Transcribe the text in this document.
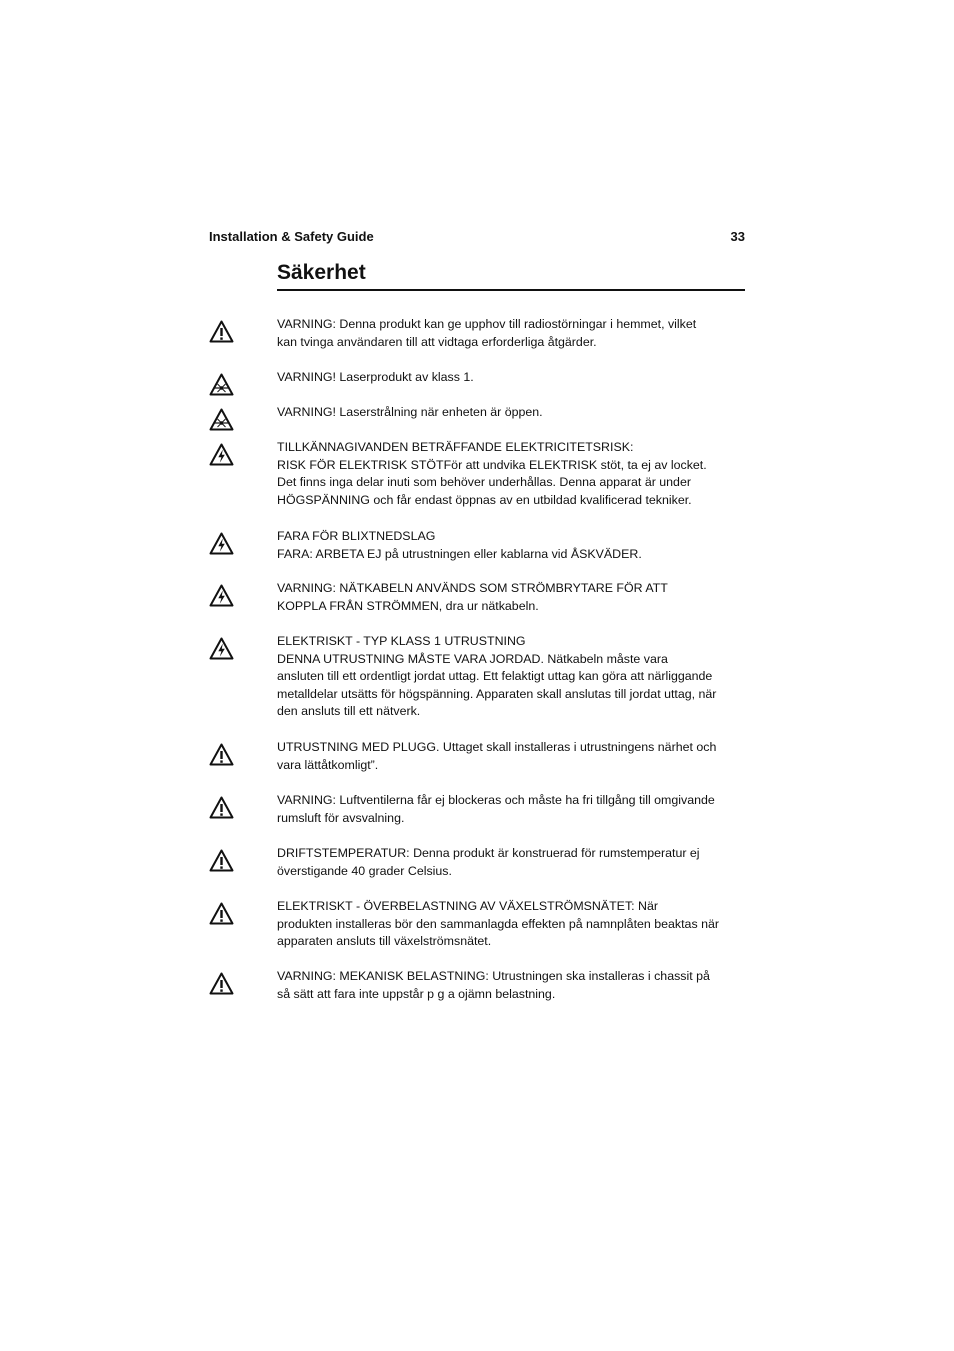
Installation & Safety Guide	33
Säkerhet
VARNING: Denna produkt kan ge upphov till radiostörningar i hemmet, vilket
kan tvinga användaren till att vidtaga erforderliga åtgärder.
VARNING! Laserprodukt av klass 1.
VARNING! Laserstrålning när enheten är öppen.
TILLKÄNNAGIVANDEN BETRÄFFANDE ELEKTRICITETSRISK:
RISK FÖR ELEKTRISK STÖTFör att undvika ELEKTRISK stöt, ta ej av locket.
Det finns inga delar inuti som behöver underhållas. Denna apparat är under
HÖGSPÄNNING och får endast öppnas av en utbildad kvalificerad tekniker.
FARA FÖR BLIXTNEDSLAG
FARA: ARBETA EJ på utrustningen eller kablarna vid ÅSKVÄDER.
VARNING: NÄTKABELN ANVÄNDS SOM STRÖMBRYTARE FÖR ATT
KOPPLA FRÅN STRÖMMEN, dra ur nätkabeln.
ELEKTRISKT - TYP KLASS 1 UTRUSTNING
DENNA UTRUSTNING MÅSTE VARA JORDAD. Nätkabeln måste vara
ansluten till ett ordentligt jordat uttag. Ett felaktigt uttag kan göra att närliggande
metalldelar utsätts för högspänning. Apparaten skall anslutas till jordat uttag, när
den ansluts till ett nätverk.
UTRUSTNING MED PLUGG. Uttaget skall installeras i utrustningens närhet och
vara lättåtkomligt”.
VARNING: Luftventilerna får ej blockeras och måste ha fri tillgång till omgivande
rumsluft för avsvalning.
DRIFTSTEMPERATUR: Denna produkt är konstruerad för rumstemperatur ej
överstigande 40 grader Celsius.
ELEKTRISKT - ÖVERBELASTNING AV VÄXELSTRÖMSNÄTET: När
produkten installeras bör den sammanlagda effekten på namnplåten beaktas när
apparaten ansluts till växelströmsnätet.
VARNING: MEKANISK BELASTNING: Utrustningen ska installeras i chassit på
så sätt att fara inte uppstår p g a ojämn belastning.
